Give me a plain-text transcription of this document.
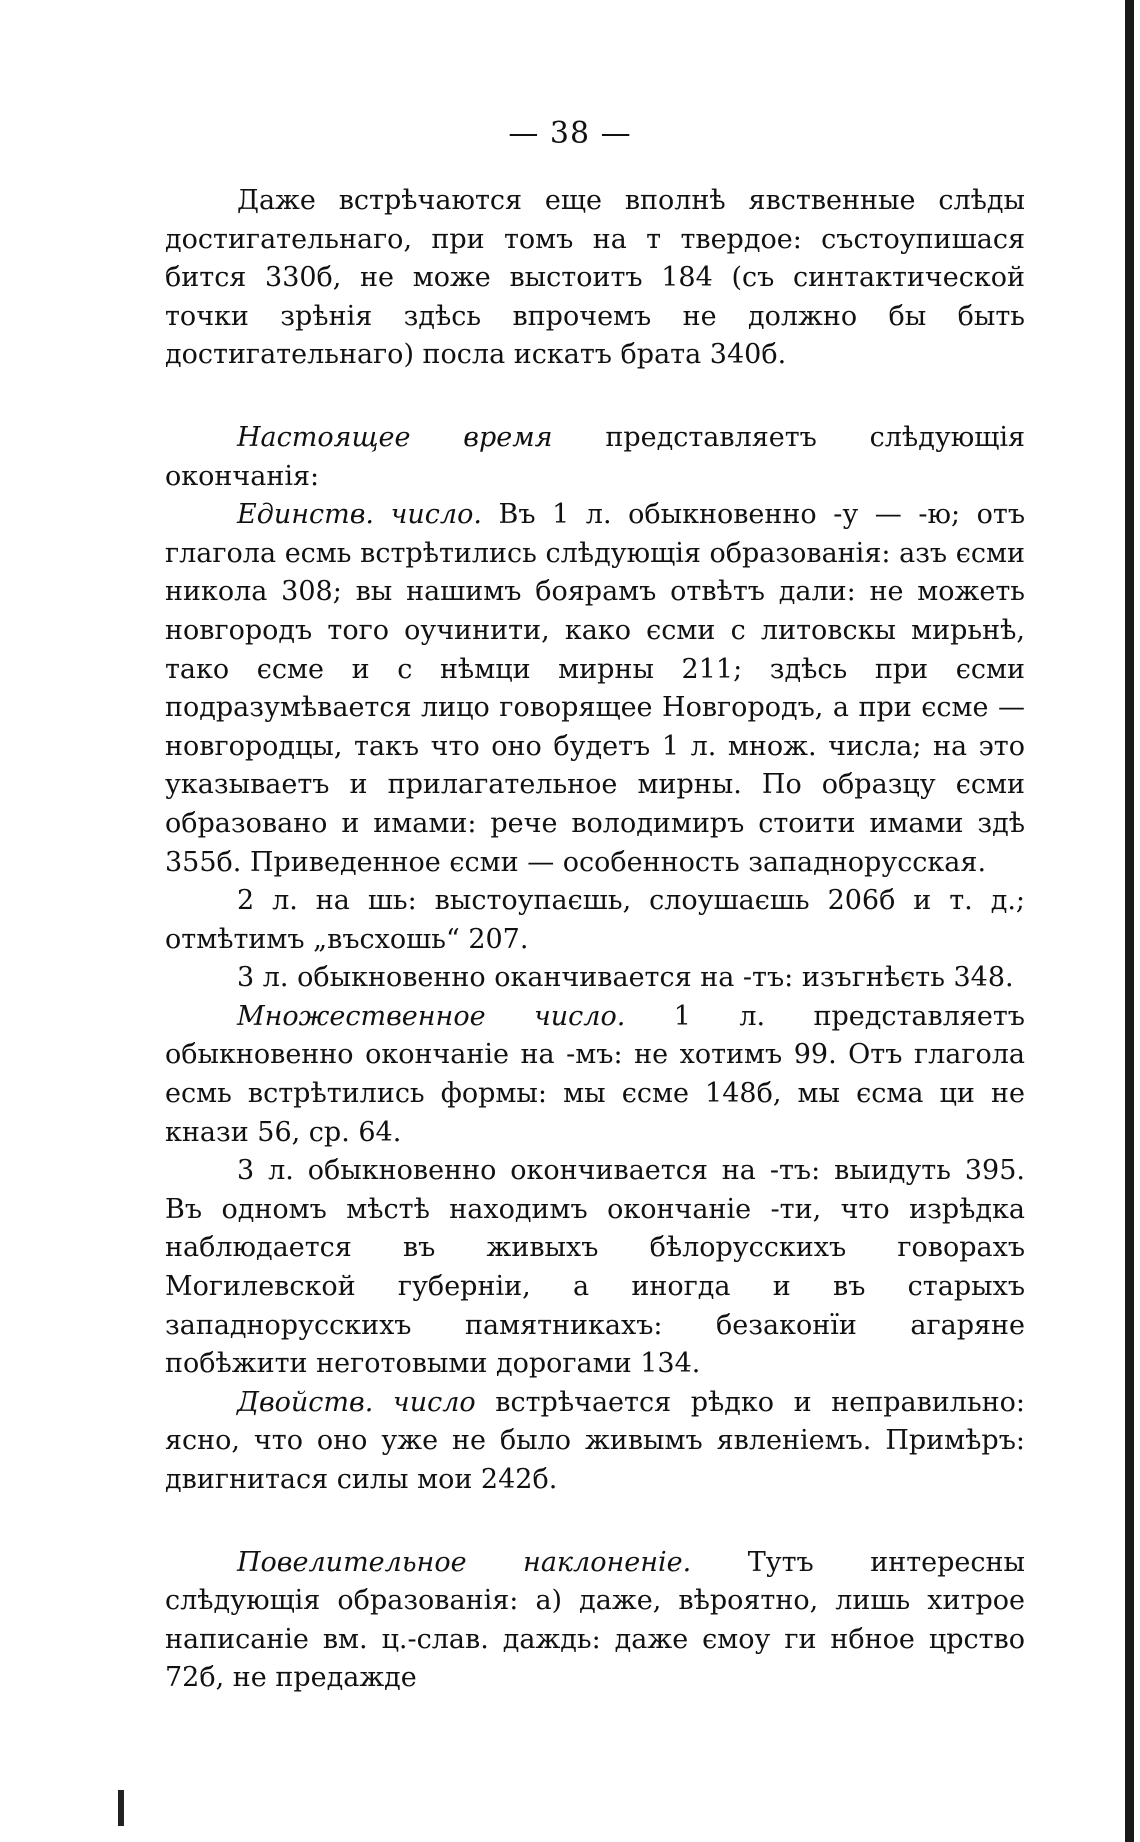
— 38 —

Даже встрѣчаются еще вполнѣ явственные слѣды достигательнаго, при томъ на т твердое: състоупишася бится 330б, не може выстоитъ 184 (съ синтактической точки зрѣнія здѣсь впрочемъ не должно бы быть достигательнаго) посла искатъ брата 340б.

Настоящее время представляетъ слѣдующія окончанія:

Единств. число. Въ 1 л. обыкновенно -у — -ю; отъ глагола есмь встрѣтились слѣдующія образованія: азъ єсми никола 308; вы нашимъ боярамъ отвѣтъ дали: не можеть новгородъ того оучинити, како єсми с литовскы мирьнѣ, тако єсме и с нѣмци мирны 211; здѣсь при єсми подразумѣвается лицо говорящее Новгородъ, а при єсме — новгородцы, такъ что оно будетъ 1 л. множ. числа; на это указываетъ и прилагательное мирны. По образцу єсми образовано и имами: рече володимиръ стоити имами здѣ 355б. Приведенное єсми — особенность западнорусская.

2 л. на шь: выстоупаєшь, слоушаєшь 206б и т. д.; отмѣтимъ „въсхошь“ 207.

3 л. обыкновенно оканчивается на -тъ: изъгнѣєть 348.

Множественное число. 1 л. представляетъ обыкновенно окончаніе на -мъ: не хотимъ 99. Отъ глагола есмь встрѣтились формы: мы єсме 148б, мы єсма ци не кнази 56, ср. 64.

3 л. обыкновенно окончивается на -тъ: выидуть 395. Въ одномъ мѣстѣ находимъ окончаніе -ти, что изрѣдка наблюдается въ живыхъ бѣлорусскихъ говорахъ Могилевской губерніи, а иногда и въ старыхъ западнорусскихъ памятникахъ: безаконїи агаряне побѣжити неготовыми дорогами 134.

Двойств. число встрѣчается рѣдко и неправильно: ясно, что оно уже не было живымъ явленіемъ. Примѣръ: двигнитася силы мои 242б.

Повелительное наклоненіе. Тутъ интересны слѣдующія образованія: а) даже, вѣроятно, лишь хитрое написаніе вм. ц.-слав. даждь: даже ємоу ги нбное црство 72б, не предажде
